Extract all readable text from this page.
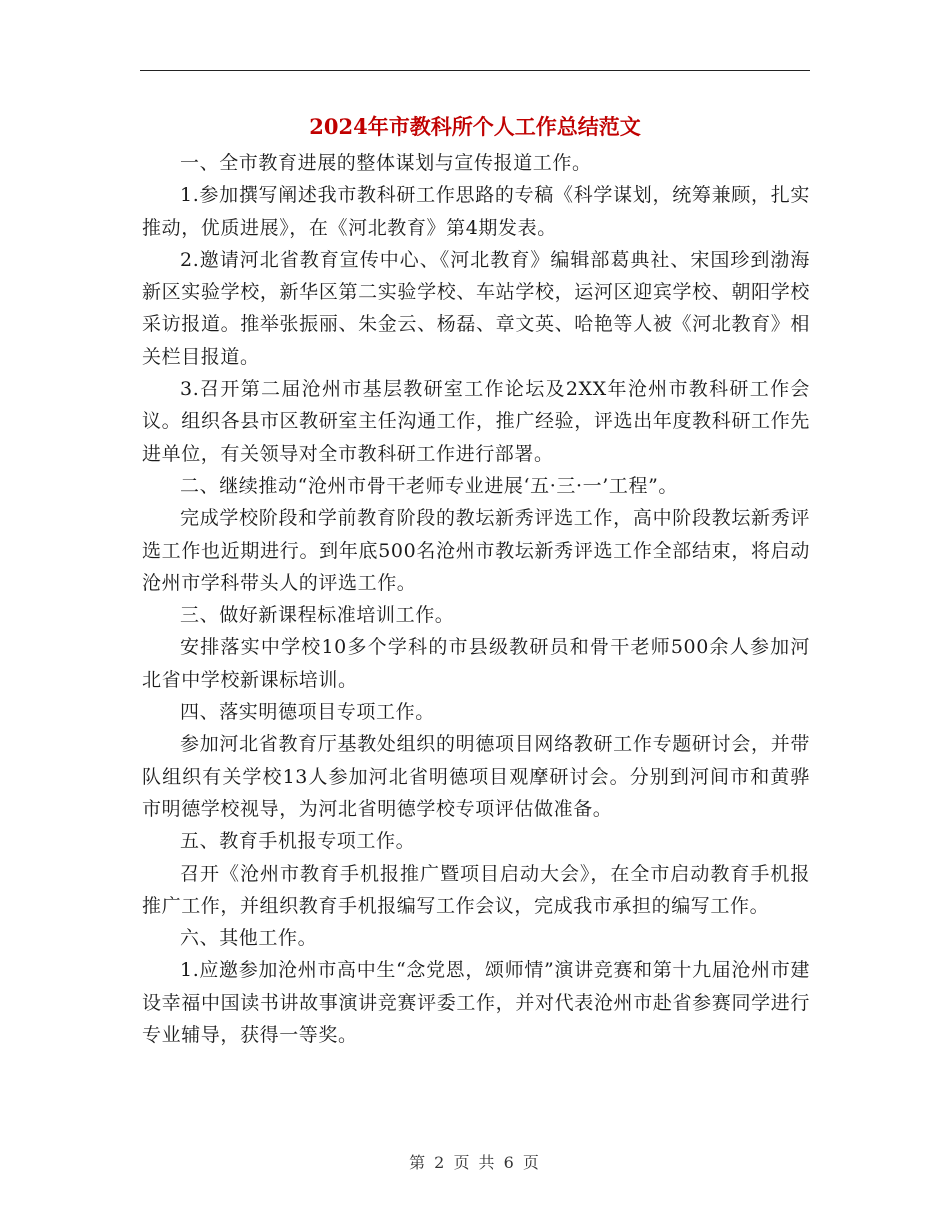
2024年市教科所个人工作总结范文

一、全市教育进展的整体谋划与宣传报道工作。

1.参加撰写阐述我市教科研工作思路的专稿《科学谋划，统筹兼顾，扎实推动，优质进展》，在《河北教育》第4期发表。

2.邀请河北省教育宣传中心、《河北教育》编辑部葛典社、宋国珍到渤海新区实验学校，新华区第二实验学校、车站学校，运河区迎宾学校、朝阳学校采访报道。推举张振丽、朱金云、杨磊、章文英、哈艳等人被《河北教育》相关栏目报道。

3.召开第二届沧州市基层教研室工作论坛及2XX年沧州市教科研工作会议。组织各县市区教研室主任沟通工作，推广经验，评选出年度教科研工作先进单位，有关领导对全市教科研工作进行部署。

二、继续推动“沧州市骨干老师专业进展‘五·三·一’工程”。

完成学校阶段和学前教育阶段的教坛新秀评选工作，高中阶段教坛新秀评选工作也近期进行。到年底500名沧州市教坛新秀评选工作全部结束，将启动沧州市学科带头人的评选工作。

三、做好新课程标准培训工作。

安排落实中学校10多个学科的市县级教研员和骨干老师500余人参加河北省中学校新课标培训。

四、落实明德项目专项工作。

参加河北省教育厅基教处组织的明德项目网络教研工作专题研讨会，并带队组织有关学校13人参加河北省明德项目观摩研讨会。分别到河间市和黄骅市明德学校视导，为河北省明德学校专项评估做准备。

五、教育手机报专项工作。

召开《沧州市教育手机报推广暨项目启动大会》，在全市启动教育手机报推广工作，并组织教育手机报编写工作会议，完成我市承担的编写工作。

六、其他工作。

1.应邀参加沧州市高中生“念党恩，颂师情”演讲竞赛和第十九届沧州市建设幸福中国读书讲故事演讲竞赛评委工作，并对代表沧州市赴省参赛同学进行专业辅导，获得一等奖。

第 2 页 共 6 页
